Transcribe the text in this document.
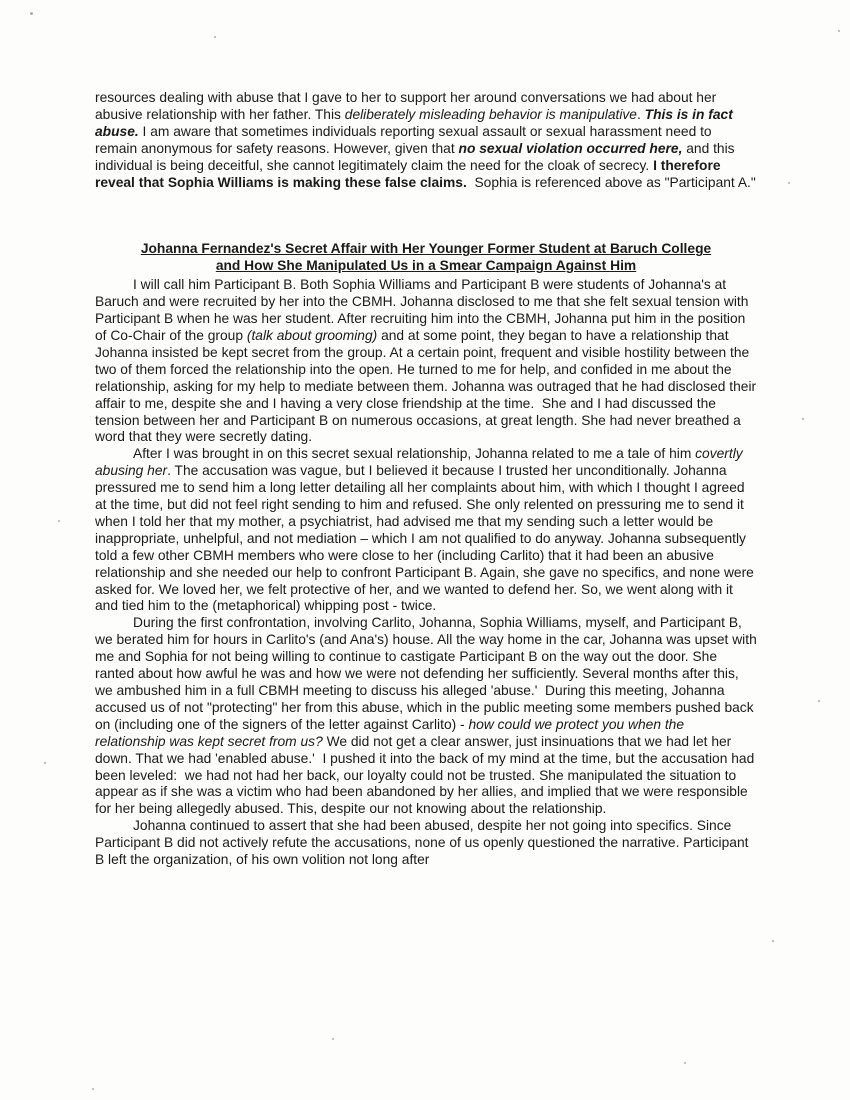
resources dealing with abuse that I gave to her to support her around conversations we had about her abusive relationship with her father. This deliberately misleading behavior is manipulative. This is in fact abuse. I am aware that sometimes individuals reporting sexual assault or sexual harassment need to remain anonymous for safety reasons. However, given that no sexual violation occurred here, and this individual is being deceitful, she cannot legitimately claim the need for the cloak of secrecy. I therefore reveal that Sophia Williams is making these false claims.  Sophia is referenced above as "Participant A."

Johanna Fernandez's Secret Affair with Her Younger Former Student at Baruch College
and How She Manipulated Us in a Smear Campaign Against Him

I will call him Participant B. Both Sophia Williams and Participant B were students of Johanna's at Baruch and were recruited by her into the CBMH. Johanna disclosed to me that she felt sexual tension with Participant B when he was her student. After recruiting him into the CBMH, Johanna put him in the position of Co-Chair of the group (talk about grooming) and at some point, they began to have a relationship that Johanna insisted be kept secret from the group. At a certain point, frequent and visible hostility between the two of them forced the relationship into the open. He turned to me for help, and confided in me about the relationship, asking for my help to mediate between them. Johanna was outraged that he had disclosed their affair to me, despite she and I having a very close friendship at the time.  She and I had discussed the tension between her and Participant B on numerous occasions, at great length. She had never breathed a word that they were secretly dating.

After I was brought in on this secret sexual relationship, Johanna related to me a tale of him covertly abusing her. The accusation was vague, but I believed it because I trusted her unconditionally. Johanna pressured me to send him a long letter detailing all her complaints about him, with which I thought I agreed at the time, but did not feel right sending to him and refused. She only relented on pressuring me to send it when I told her that my mother, a psychiatrist, had advised me that my sending such a letter would be inappropriate, unhelpful, and not mediation – which I am not qualified to do anyway. Johanna subsequently told a few other CBMH members who were close to her (including Carlito) that it had been an abusive relationship and she needed our help to confront Participant B. Again, she gave no specifics, and none were asked for. We loved her, we felt protective of her, and we wanted to defend her. So, we went along with it and tied him to the (metaphorical) whipping post - twice.

During the first confrontation, involving Carlito, Johanna, Sophia Williams, myself, and Participant B, we berated him for hours in Carlito's (and Ana's) house. All the way home in the car, Johanna was upset with me and Sophia for not being willing to continue to castigate Participant B on the way out the door. She ranted about how awful he was and how we were not defending her sufficiently. Several months after this, we ambushed him in a full CBMH meeting to discuss his alleged 'abuse.'  During this meeting, Johanna accused us of not "protecting" her from this abuse, which in the public meeting some members pushed back on (including one of the signers of the letter against Carlito) - how could we protect you when the relationship was kept secret from us? We did not get a clear answer, just insinuations that we had let her down. That we had 'enabled abuse.'  I pushed it into the back of my mind at the time, but the accusation had been leveled:  we had not had her back, our loyalty could not be trusted. She manipulated the situation to appear as if she was a victim who had been abandoned by her allies, and implied that we were responsible for her being allegedly abused. This, despite our not knowing about the relationship.

Johanna continued to assert that she had been abused, despite her not going into specifics. Since Participant B did not actively refute the accusations, none of us openly questioned the narrative. Participant B left the organization, of his own volition not long after
